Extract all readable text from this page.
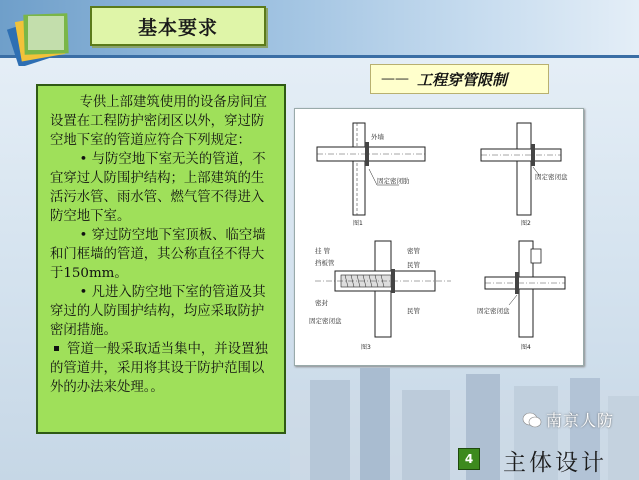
基本要求
—— 工程穿管限制

专供上部建筑使用的设备房间宜设置在工程防护密闭区以外，穿过防空地下室的管道应符合下列规定：

• 与防空地下室无关的管道，不宜穿过人防围护结构；上部建筑的生活污水管、雨水管、燃气管不得进入防空地下室。

• 穿过防空地下室顶板、临空墙和门框墙的管道，其公称直径不得大于150mm。

• 凡进入防空地下室的管道及其穿过的人防围护结构，均应采取防护密闭措施。

管道一般采取适当集中，并设置独的管道井，采用将其设于防护范围以外的办法来处理。。

外墙
固定密闭肋
图1
固定密闭盘
图2
挂 管
挡板管
密管
民管
密封
民管
固定密闭盘
图3
固定密闭盘
图4
南京人防
4 主体设计
